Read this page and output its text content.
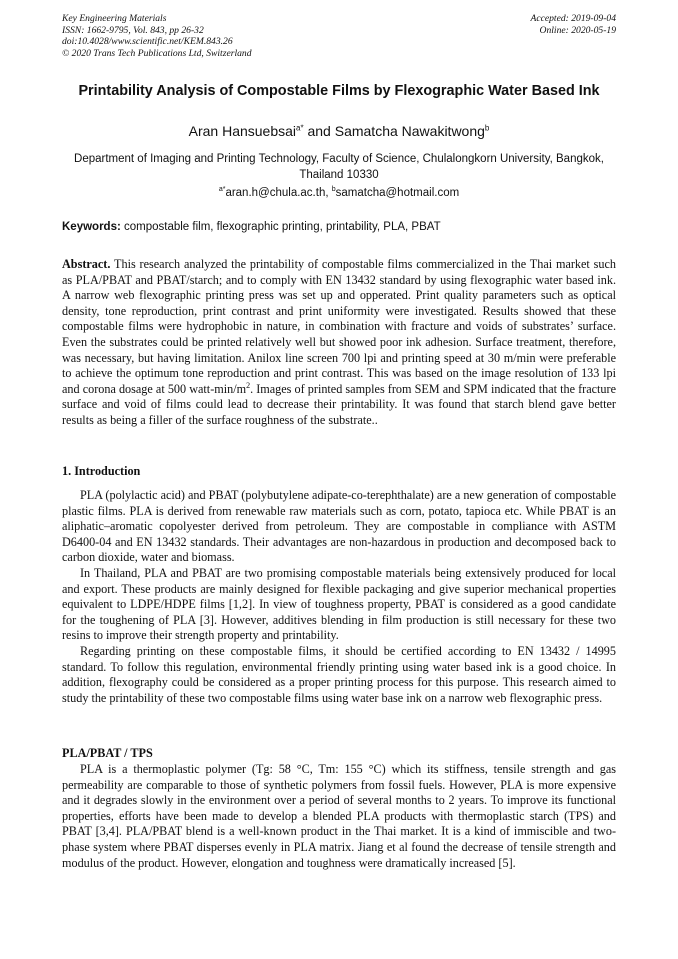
Key Engineering Materials
ISSN: 1662-9795, Vol. 843, pp 26-32
doi:10.4028/www.scientific.net/KEM.843.26
© 2020 Trans Tech Publications Ltd, Switzerland
Accepted: 2019-09-04
Online: 2020-05-19
Printability Analysis of Compostable Films by Flexographic Water Based Ink
Aran Hansuebsai$^{a*}$ and Samatcha Nawakitwong$^b$
Department of Imaging and Printing Technology, Faculty of Science, Chulalongkorn University, Bangkok, Thailand 10330
$^{a*}$aran.h@chula.ac.th, $^b$samatcha@hotmail.com
Keywords: compostable film, flexographic printing, printability, PLA, PBAT

Abstract. This research analyzed the printability of compostable films commercialized in the Thai market such as PLA/PBAT and PBAT/starch; and to comply with EN 13432 standard by using flexographic water based ink. A narrow web flexographic printing press was set up and opperated. Print quality parameters such as optical density, tone reproduction, print contrast and print uniformity were investigated. Results showed that these compostable films were hydrophobic in nature, in combination with fracture and voids of substrates’ surface. Even the substrates could be printed relatively well but showed poor ink adhesion. Surface treatment, therefore, was necessary, but having limitation. Anilox line screen 700 lpi and printing speed at 30 m/min were preferable to achieve the optimum tone reproduction and print contrast. This was based on the image resolution of 133 lpi and corona dosage at 500 watt-$\min/m^2$. Images of printed samples from SEM and SPM indicated that the fracture surface and void of films could lead to decrease their printability. It was found that starch blend gave better results as being a filler of the surface roughness of the substrate..

1. Introduction

PLA (polylactic acid) and PBAT (polybutylene adipate-co-terephthalate) are a new generation of compostable plastic films. PLA is derived from renewable raw materials such as corn, potato, tapioca etc. While PBAT is an aliphatic–aromatic copolyester derived from petroleum. They are compostable in compliance with ASTM D6400-04 and EN 13432 standards. Their advantages are non-hazardous in production and decomposed back to carbon dioxide, water and biomass.

In Thailand, PLA and PBAT are two promising compostable materials being extensively produced for local and export. These products are mainly designed for flexible packaging and give superior mechanical properties equivalent to LDPE/HDPE films [1,2]. In view of toughness property, PBAT is considered as a good candidate for the toughening of PLA [3]. However, additives blending in film production is still necessary for these two resins to improve their strength property and printability.

Regarding printing on these compostable films, it should be certified according to EN 13432 / 14995 standard. To follow this regulation, environmental friendly printing using water based ink is a good choice. In addition, flexography could be considered as a proper printing process for this purpose. This research aimed to study the printability of these two compostable films using water base ink on a narrow web flexographic press.

PLA/PBAT / TPS

PLA is a thermoplastic polymer (Tg: 58 °C, Tm: 155 °C) which its stiffness, tensile strength and gas permeability are comparable to those of synthetic polymers from fossil fuels. However, PLA is more expensive and it degrades slowly in the environment over a period of several months to 2 years. To improve its functional properties, efforts have been made to develop a blended PLA products with thermoplastic starch (TPS) and PBAT [3,4]. PLA/PBAT blend is a well-known product in the Thai market. It is a kind of immiscible and two-phase system where PBAT disperses evenly in PLA matrix. Jiang et al found the decrease of tensile strength and modulus of the product. However, elongation and toughness were dramatically increased [5].
